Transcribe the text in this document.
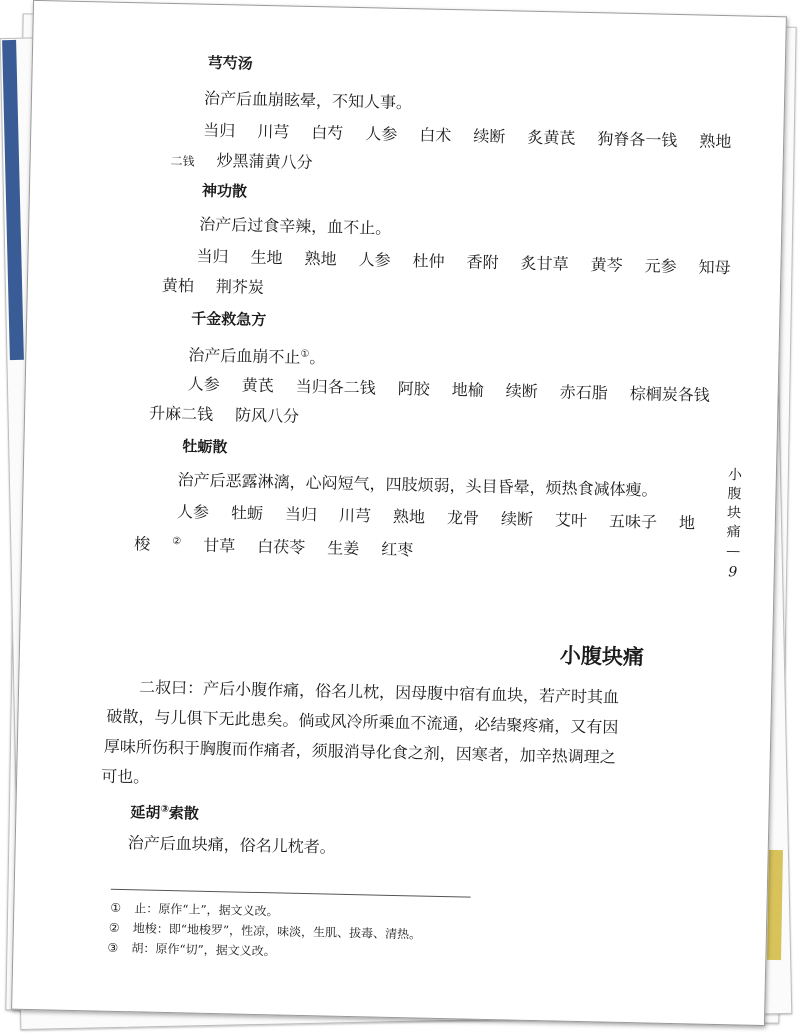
芎芍汤
治产后血崩眩晕，不知人事。
当归 川芎 白芍 人参 白术 续断 炙黄芪 狗脊各一钱 熟地
二钱 炒黑蒲黄八分
神功散
治产后过食辛辣，血不止。
当归 生地 熟地 人参 杜仲 香附 炙甘草 黄芩 元参 知母
黄柏 荆芥炭
千金救急方
治产后血崩不止①。
人参 黄芪 当归各二钱 阿胶 地榆 续断 赤石脂 棕榈炭各钱
升麻二钱 防风八分
牡蛎散
治产后恶露淋漓，心闷短气，四肢烦弱，头目昏晕，烦热食减体瘦。
人参 牡蛎 当归 川芎 熟地 龙骨 续断 艾叶 五味子 地
梭 ② 甘草 白茯苓 生姜 红枣
小
腹
块
痛
—
9
小腹块痛
二叔曰：产后小腹作痛，俗名儿枕，因母腹中宿有血块，若产时其血
破散，与儿俱下无此患矣。倘或风冷所乘血不流通，必结聚疼痛，又有因
厚味所伤积于胸腹而作痛者，须服消导化食之剂，因寒者，加辛热调理之
可也。
延胡③索散
治产后血块痛，俗名儿枕者。
① 止：原作“上”，据文义改。
② 地梭：即“地梭罗”，性凉，味淡，生肌、拔毒、清热。
③ 胡：原作“切”，据文义改。
